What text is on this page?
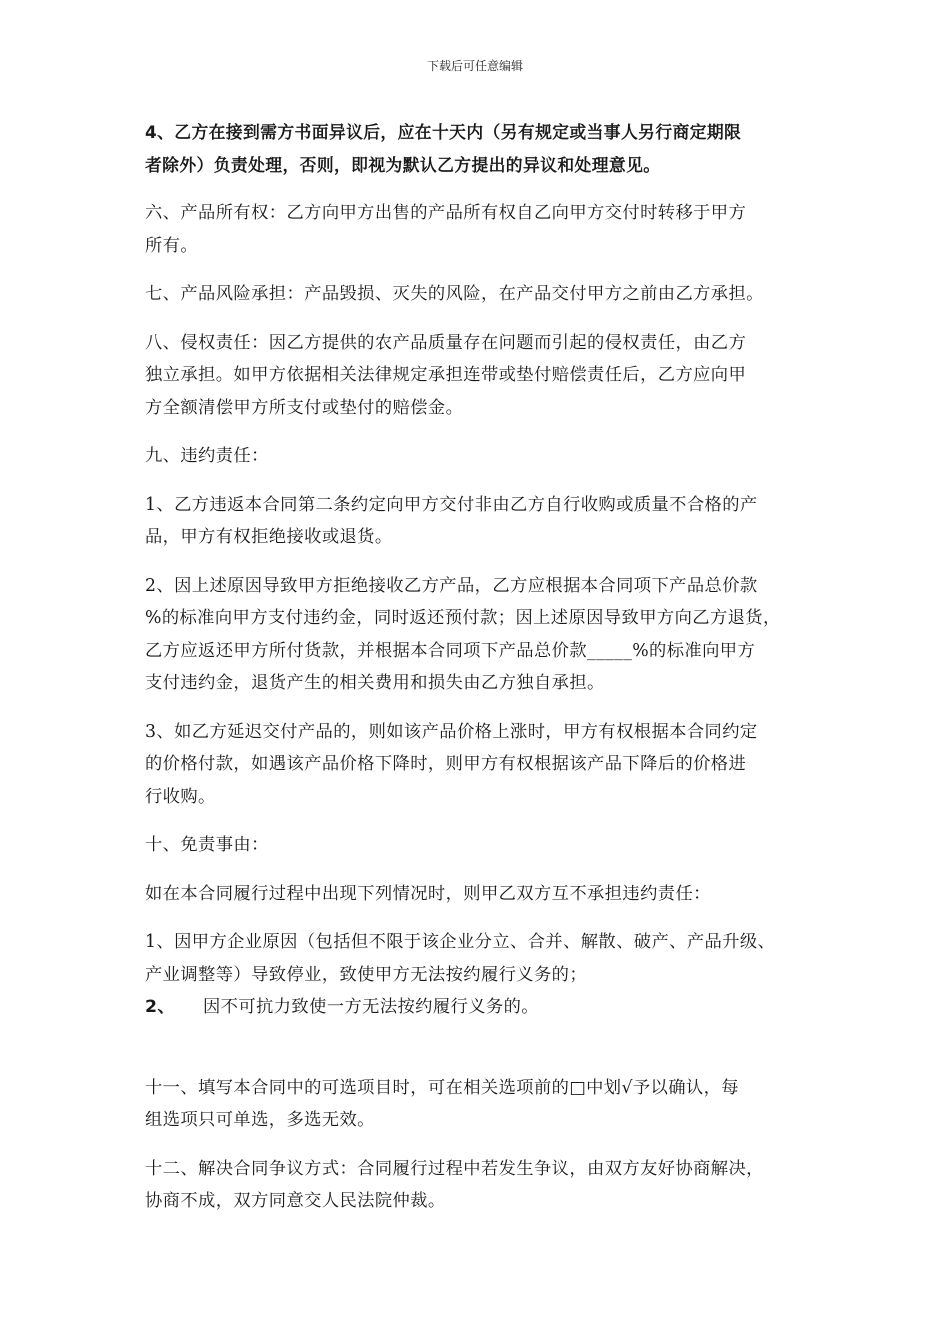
下载后可任意编辑

4、乙方在接到需方书面异议后，应在十天内（另有规定或当事人另行商定期限
者除外）负责处理，否则，即视为默认乙方提出的异议和处理意见。

六、产品所有权：乙方向甲方出售的产品所有权自乙向甲方交付时转移于甲方
所有。

七、产品风险承担：产品毁损、灭失的风险，在产品交付甲方之前由乙方承担。

八、侵权责任：因乙方提供的农产品质量存在问题而引起的侵权责任，由乙方
独立承担。如甲方依据相关法律规定承担连带或垫付赔偿责任后，乙方应向甲
方全额清偿甲方所支付或垫付的赔偿金。

九、违约责任：

1、乙方违返本合同第二条约定向甲方交付非由乙方自行收购或质量不合格的产
品，甲方有权拒绝接收或退货。

2、因上述原因导致甲方拒绝接收乙方产品，乙方应根据本合同项下产品总价款
%的标准向甲方支付违约金，同时返还预付款；因上述原因导致甲方向乙方退货，
乙方应返还甲方所付货款，并根据本合同项下产品总价款_____%的标准向甲方
支付违约金，退货产生的相关费用和损失由乙方独自承担。

3、如乙方延迟交付产品的，则如该产品价格上涨时，甲方有权根据本合同约定
的价格付款，如遇该产品价格下降时，则甲方有权根据该产品下降后的价格进
行收购。

十、免责事由：

如在本合同履行过程中出现下列情况时，则甲乙双方互不承担违约责任：

1、因甲方企业原因（包括但不限于该企业分立、合并、解散、破产、产品升级、
产业调整等）导致停业，致使甲方无法按约履行义务的；

2、 因不可抗力致使一方无法按约履行义务的。

十一、填写本合同中的可选项目时，可在相关选项前的□中划√予以确认，每
组选项只可单选，多选无效。

十二、解决合同争议方式：合同履行过程中若发生争议，由双方友好协商解决，
协商不成，双方同意交人民法院仲裁。
